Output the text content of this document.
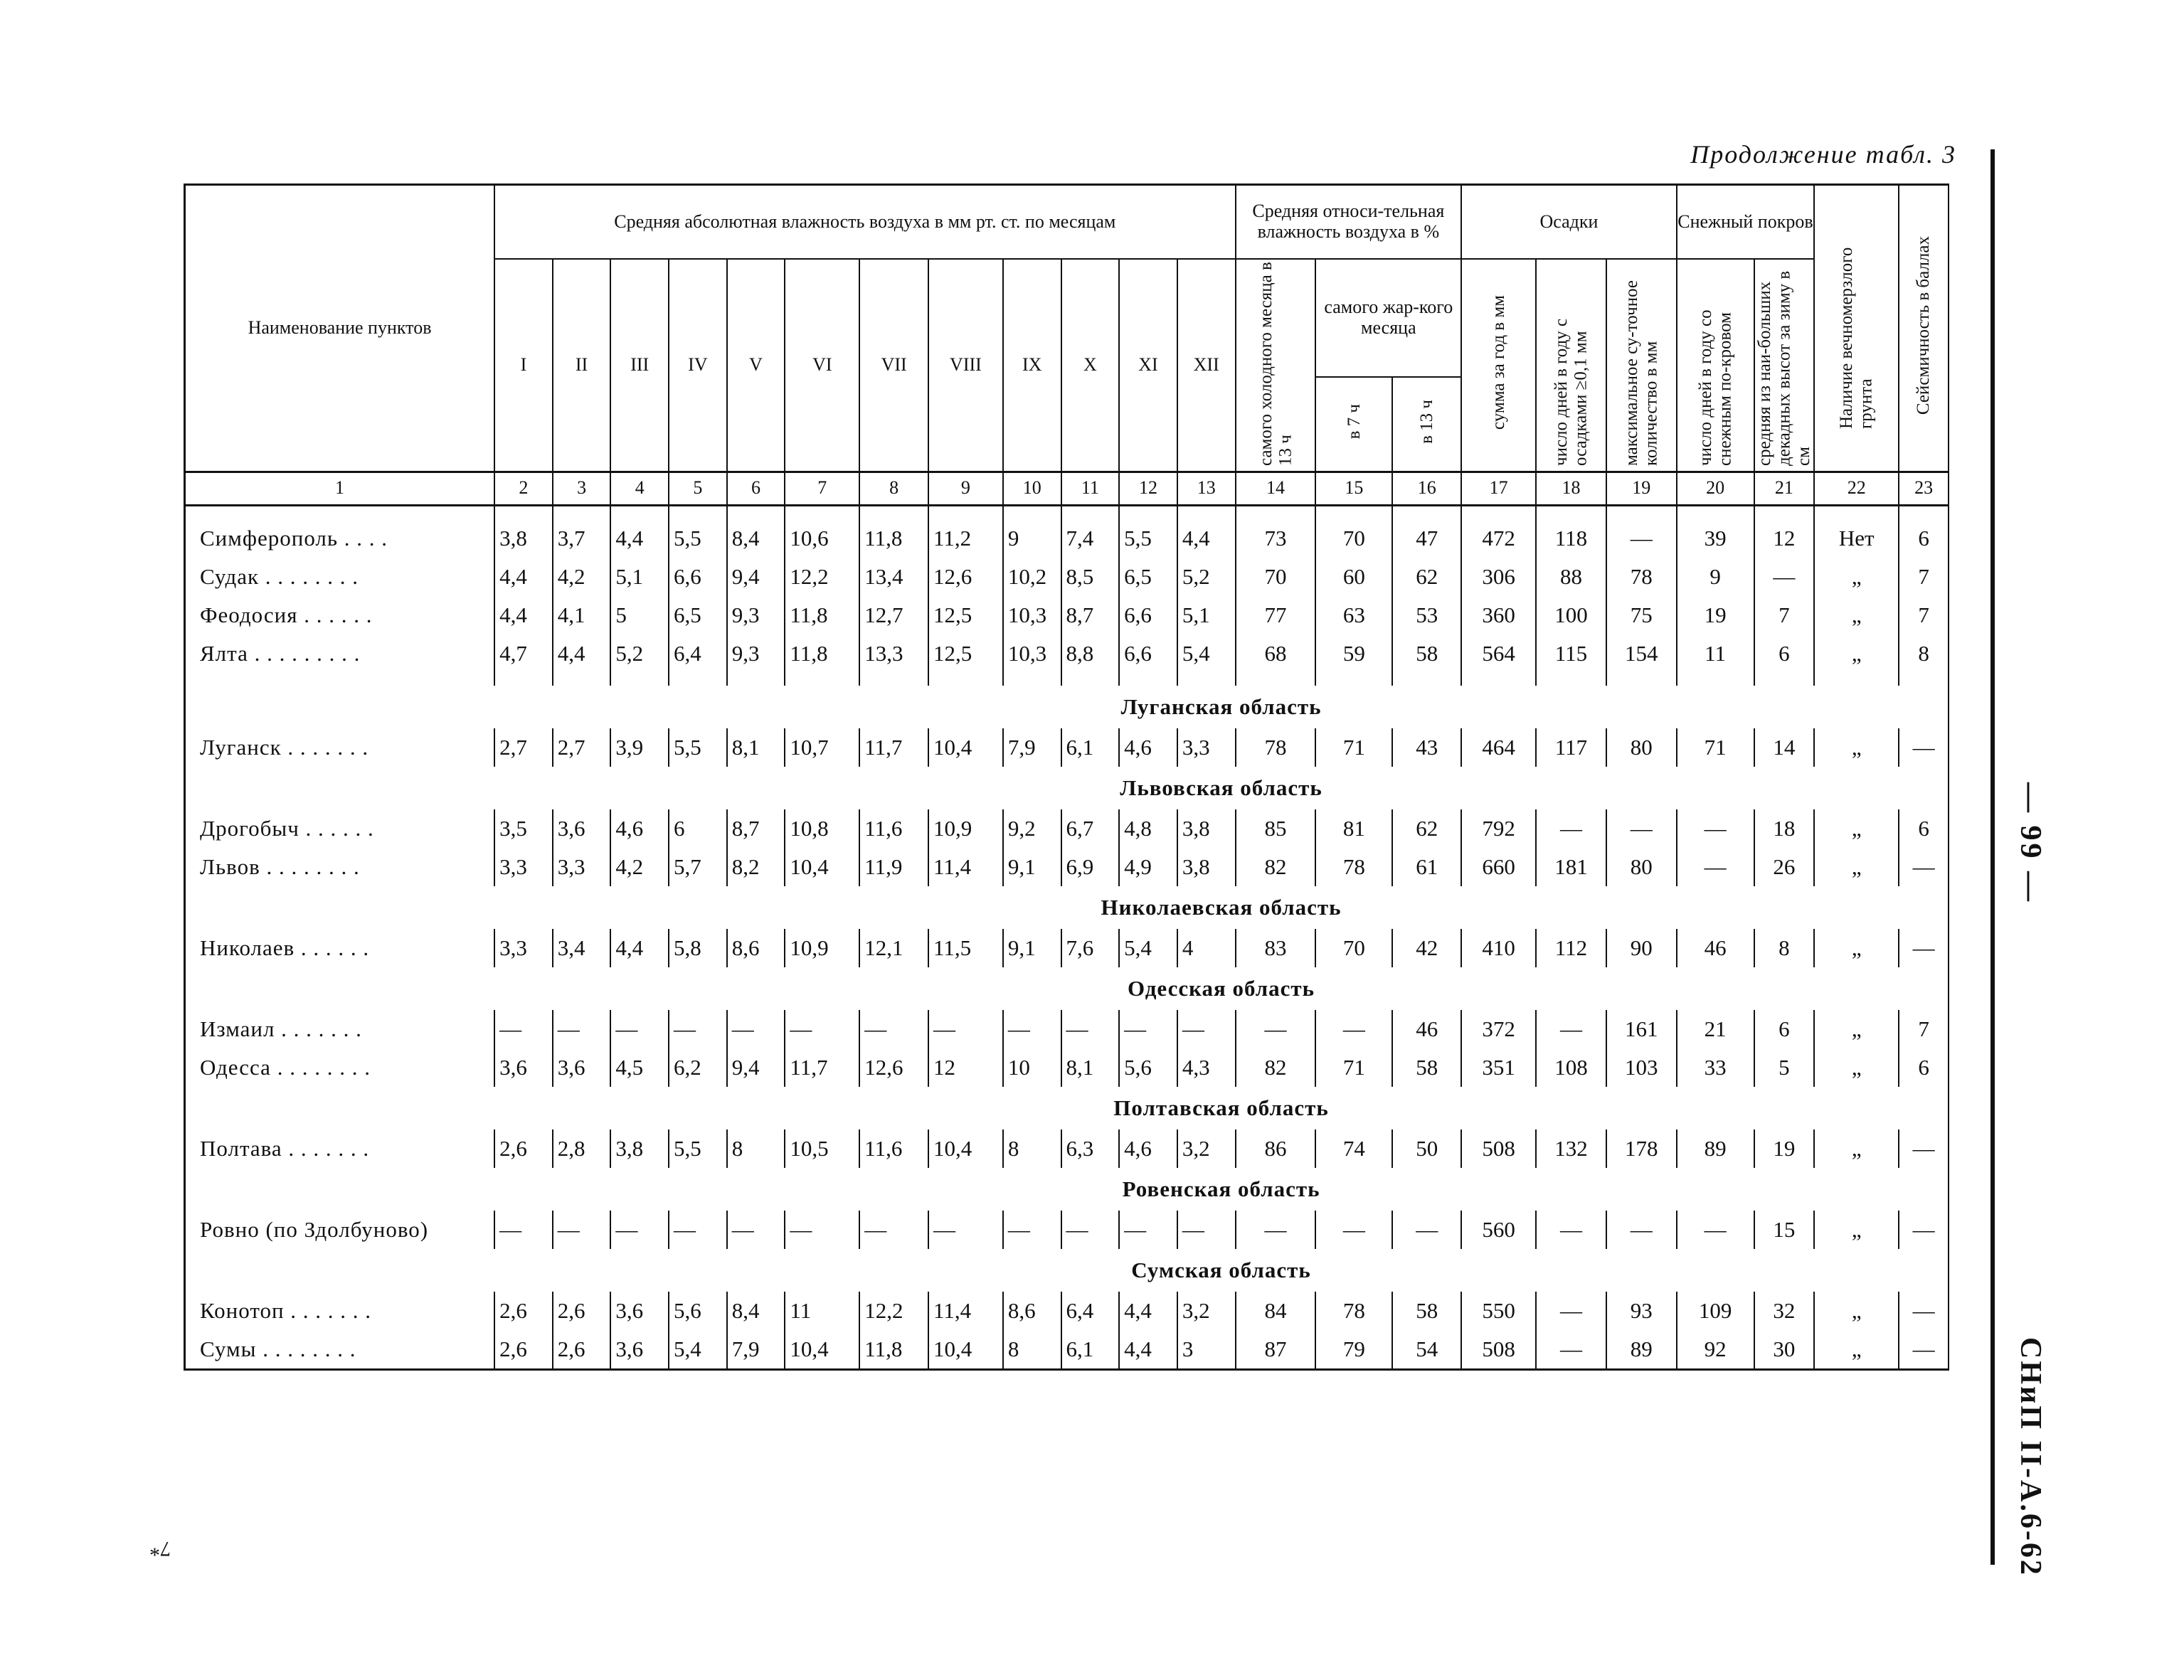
Продолжение табл. 3
— 99 —
СНиП II-А.6-62
7*
Наименование пунктов	Средняя абсолютная влажность воздуха в мм рт. ст. по месяцам												Средняя относи-тельная влажность воздуха в %			Осадки			Снежный покров		Наличие вечномерзлого грунта	Сейсмичность в баллах
	I	II	III	IV	V	VI	VII	VIII	IX	X	XI	XII	самого холодного месяца в 13 ч	самого жар-кого месяца		сумма за год в мм	число дней в году с осадками ≥0,1 мм	максимальное су-точное количество в мм	число дней в году со снежным по-кровом	средняя из наи-больших декадных высот за зиму в см		
														в 7 ч	в 13 ч							
1	2	3	4	5	6	7	8	9	10	11	12	13	14	15	16	17	18	19	20	21	22	23

Симферополь . . . .	3,8	3,7	4,4	5,5	8,4	10,6	11,8	11,2	9	7,4	5,5	4,4	73	70	47	472	118	—	39	12	Нет	6
Судак . . . . . . . .	4,4	4,2	5,1	6,6	9,4	12,2	13,4	12,6	10,2	8,5	6,5	5,2	70	60	62	306	88	78	9	—	„	7
Феодосия . . . . . .	4,4	4,1	5	6,5	9,3	11,8	12,7	12,5	10,3	8,7	6,6	5,1	77	63	53	360	100	75	19	7	„	7
Ялта . . . . . . . . .	4,7	4,4	5,2	6,4	9,3	11,8	13,3	12,5	10,3	8,8	6,6	5,4	68	59	58	564	115	154	11	6	„	8

	Луганская область																					
Луганск . . . . . . .	2,7	2,7	3,9	5,5	8,1	10,7	11,7	10,4	7,9	6,1	4,6	3,3	78	71	43	464	117	80	71	14	„	—
	Львовская область																					
Дрогобыч . . . . . .	3,5	3,6	4,6	6	8,7	10,8	11,6	10,9	9,2	6,7	4,8	3,8	85	81	62	792	—	—	—	18	„	6
Львов . . . . . . . .	3,3	3,3	4,2	5,7	8,2	10,4	11,9	11,4	9,1	6,9	4,9	3,8	82	78	61	660	181	80	—	26	„	—
	Николаевская область																					
Николаев . . . . . .	3,3	3,4	4,4	5,8	8,6	10,9	12,1	11,5	9,1	7,6	5,4	4	83	70	42	410	112	90	46	8	„	—
	Одесская область																					
Измаил . . . . . . .	—	—	—	—	—	—	—	—	—	—	—	—	—	—	46	372	—	161	21	6	„	7
Одесса . . . . . . . .	3,6	3,6	4,5	6,2	9,4	11,7	12,6	12	10	8,1	5,6	4,3	82	71	58	351	108	103	33	5	„	6
	Полтавская область																					
Полтава . . . . . . .	2,6	2,8	3,8	5,5	8	10,5	11,6	10,4	8	6,3	4,6	3,2	86	74	50	508	132	178	89	19	„	—
	Ровенская область																					
Ровно (по Здолбуново)	—	—	—	—	—	—	—	—	—	—	—	—	—	—	—	560	—	—	—	15	„	—
	Сумская область																					
Конотоп . . . . . . .	2,6	2,6	3,6	5,6	8,4	11	12,2	11,4	8,6	6,4	4,4	3,2	84	78	58	550	—	93	109	32	„	—
Сумы . . . . . . . .	2,6	2,6	3,6	5,4	7,9	10,4	11,8	10,4	8	6,1	4,4	3	87	79	54	508	—	89	92	30	„	—
